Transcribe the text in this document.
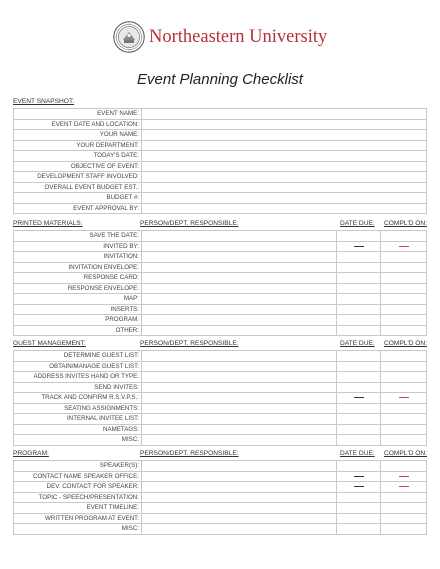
Northeastern University
Event Planning Checklist
EVENT SNAPSHOT:
EVENT NAME:	
EVENT DATE AND LOCATION:	
YOUR NAME:	
YOUR DEPARTMENT:	
TODAY'S DATE:	
OBJECTIVE OF EVENT:	
DEVELOPMENT STAFF INVOLVED:	
OVERALL EVENT BUDGET EST.:	
BUDGET #:	
EVENT APPROVAL BY:	
PRINTED MATERIALS:	PERSON/DEPT. RESPONSIBLE:	DATE DUE: COMPL'D ON:
SAVE THE DATE:			
INVITED BY:			
INVITATION:			
INVITATION ENVELOPE:			
RESPONSE CARD:			
RESPONSE ENVELOPE:			
MAP:			
INSERTS:			
PROGRAM:			
OTHER:			
GUEST MANAGEMENT:	PERSON/DEPT. RESPONSIBLE:	DATE DUE: COMPL'D ON:
DETERMINE GUEST LIST:			
OBTAIN/MANAGE GUEST LIST:			
ADDRESS INVITES HAND OR TYPE:			
SEND INVITES:			
TRACK AND CONFIRM R.S.V.P.S.:			
SEATING ASSIGNMENTS:			
INTERNAL INVITEE LIST:			
NAMETAGS:			
MISC:			
PROGRAM:	PERSON/DEPT. RESPONSIBLE:	DATE DUE: COMPL'D ON:
SPEAKER(S):			
CONTACT NAME SPEAKER OFFICE:			
DEV. CONTACT FOR SPEAKER:			
TOPIC - SPEECH/PRESENTATION:			
EVENT TIMELINE:			
WRITTEN PROGRAM AT EVENT:			
MISC:			
